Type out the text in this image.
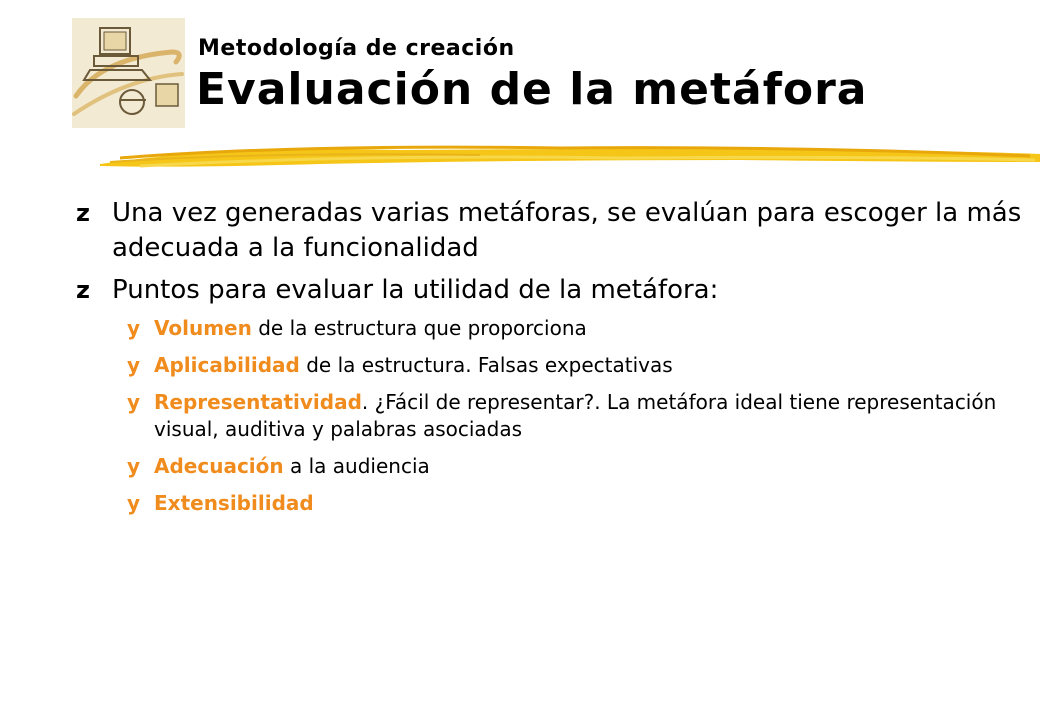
Metodología de creación
Evaluación de la metáfora
z Una vez generadas varias metáforas, se evalúan para escoger la más adecuada a la funcionalidad
z Puntos para evaluar la utilidad de la metáfora:
y Volumen de la estructura que proporciona
y Aplicabilidad de la estructura. Falsas expectativas
y Representatividad. ¿Fácil de representar?. La metáfora ideal tiene representación visual, auditiva y palabras asociadas
y Adecuación a la audiencia
y Extensibilidad
